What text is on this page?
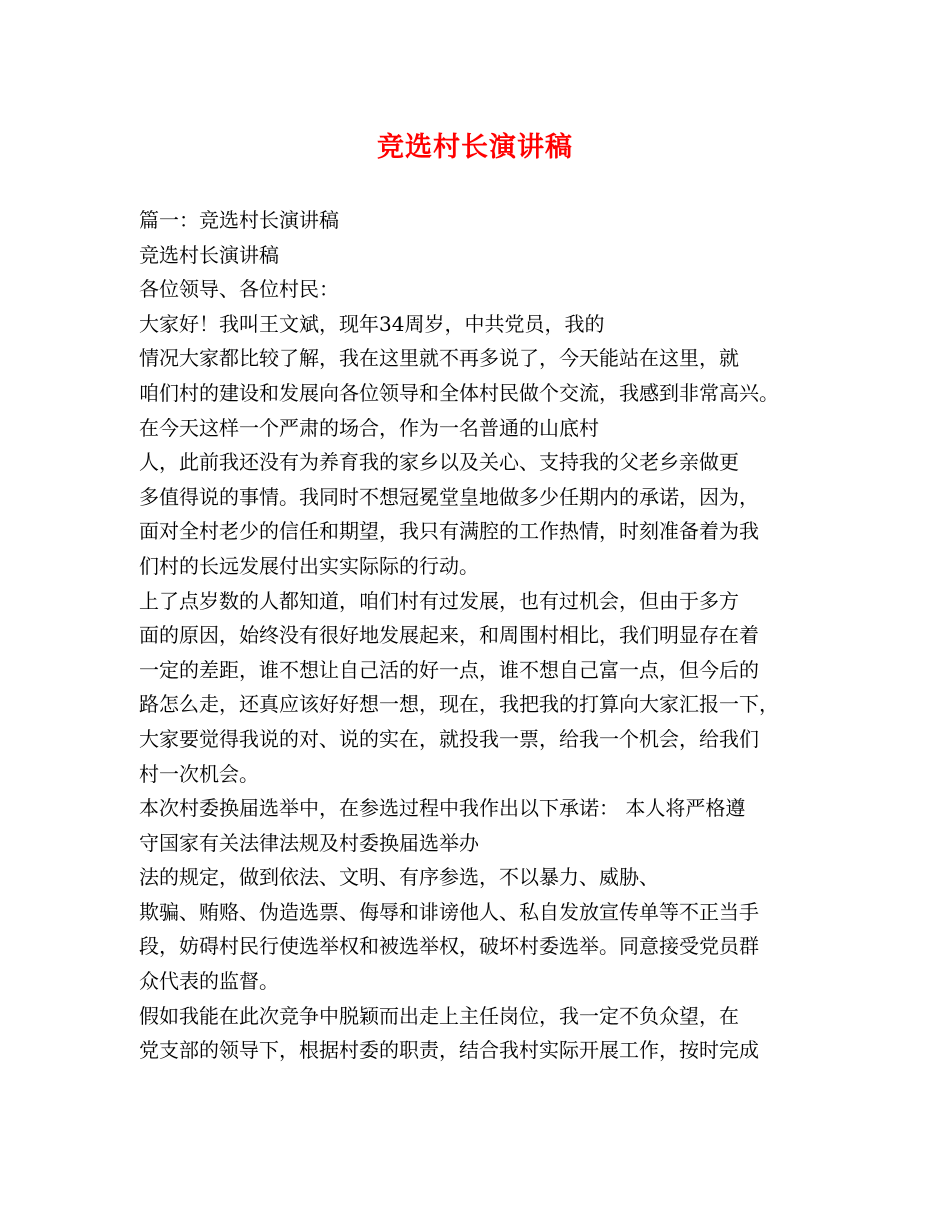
竞选村长演讲稿
篇一：竞选村长演讲稿
竞选村长演讲稿
各位领导、各位村民：
大家好！我叫王文斌，现年34周岁，中共党员，我的
情况大家都比较了解，我在这里就不再多说了，今天能站在这里，就
咱们村的建设和发展向各位领导和全体村民做个交流，我感到非常高兴。
在今天这样一个严肃的场合，作为一名普通的山底村
人，此前我还没有为养育我的家乡以及关心、支持我的父老乡亲做更
多值得说的事情。我同时不想冠冕堂皇地做多少任期内的承诺，因为，
面对全村老少的信任和期望，我只有满腔的工作热情，时刻准备着为我
们村的长远发展付出实实际际的行动。
上了点岁数的人都知道，咱们村有过发展，也有过机会，但由于多方
面的原因，始终没有很好地发展起来，和周围村相比，我们明显存在着
一定的差距，谁不想让自己活的好一点，谁不想自己富一点，但今后的
路怎么走，还真应该好好想一想，现在，我把我的打算向大家汇报一下，
大家要觉得我说的对、说的实在，就投我一票，给我一个机会，给我们
村一次机会。
本次村委换届选举中，在参选过程中我作出以下承诺： 本人将严格遵
守国家有关法律法规及村委换届选举办
法的规定，做到依法、文明、有序参选，不以暴力、威胁、
欺骗、贿赂、伪造选票、侮辱和诽谤他人、私自发放宣传单等不正当手
段，妨碍村民行使选举权和被选举权，破坏村委选举。同意接受党员群
众代表的监督。
假如我能在此次竞争中脱颖而出走上主任岗位，我一定不负众望，在
党支部的领导下，根据村委的职责，结合我村实际开展工作，按时完成
